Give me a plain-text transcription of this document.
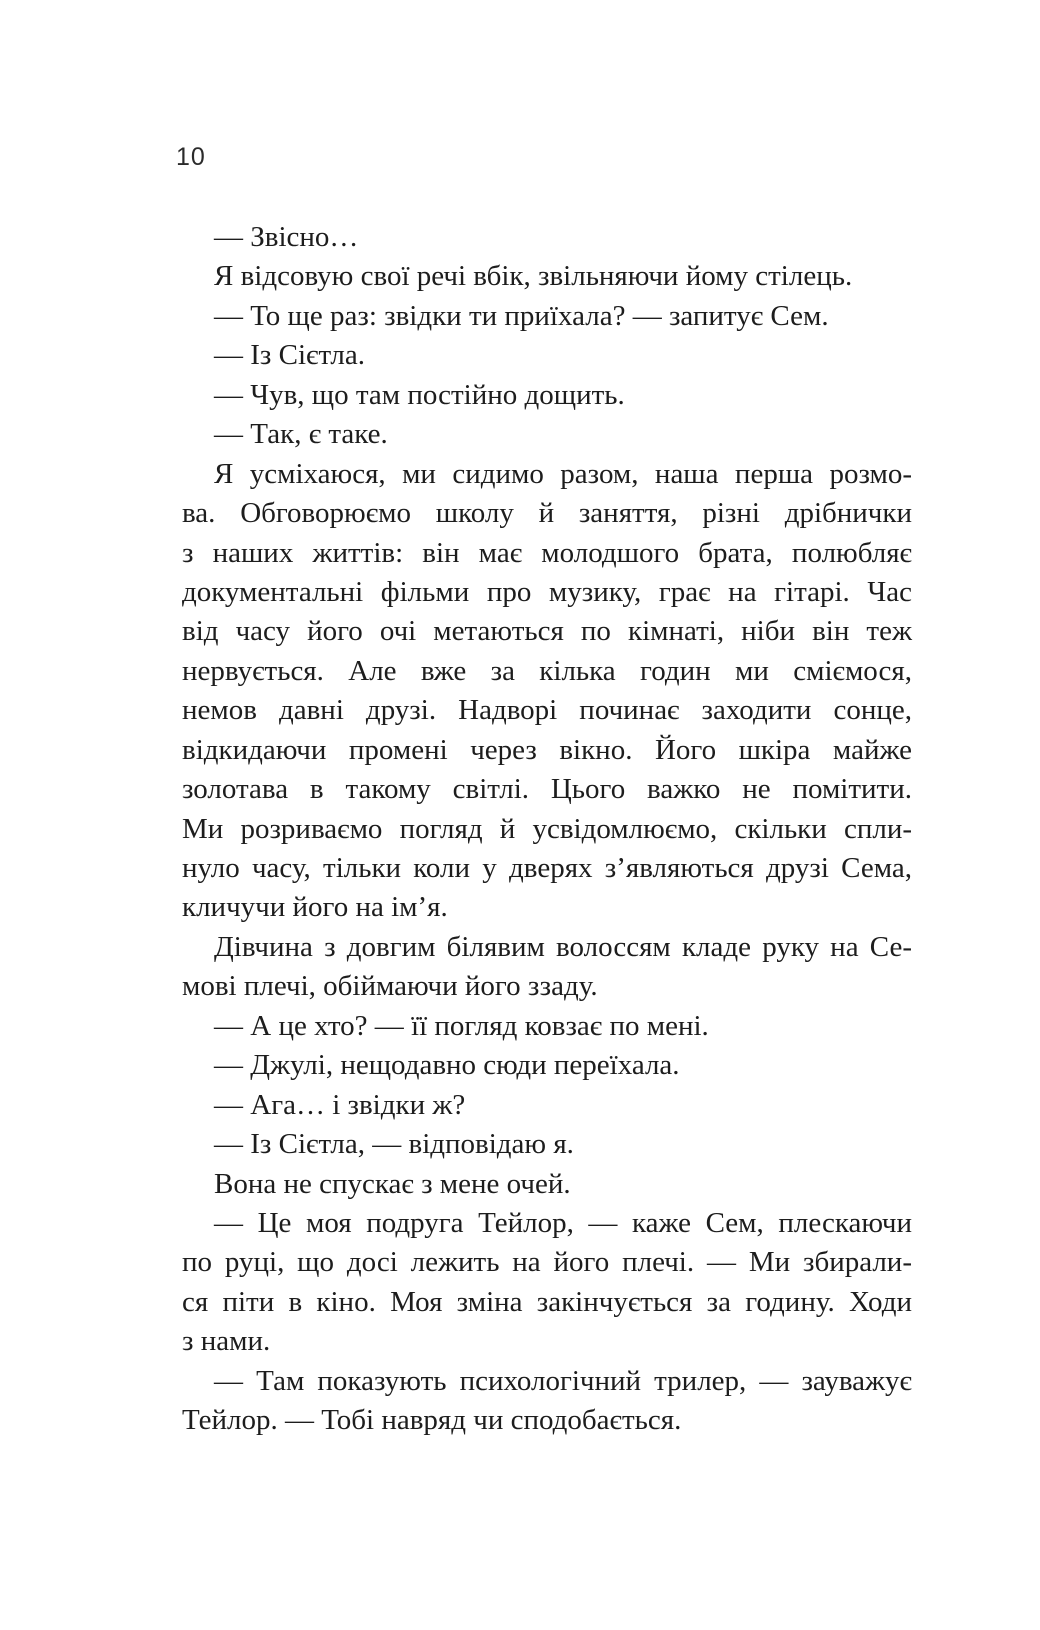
10
— Звісно…
Я відсовую свої речі вбік, звільняючи йому стілець.
— То ще раз: звідки ти приїхала? — запитує Сем.
— Із Сієтла.
— Чув, що там постійно дощить.
— Так, є таке.
Я усміхаюся, ми сидимо разом, наша перша розмо-
ва. Обговорюємо школу й заняття, різні дрібнички
з наших життів: він має молодшого брата, полюбляє
документальні фільми про музику, грає на гітарі. Час
від часу його очі метаються по кімнаті, ніби він теж
нервується. Але вже за кілька годин ми сміємося,
немов давні друзі. Надворі починає заходити сонце,
відкидаючи промені через вікно. Його шкіра майже
золотава в такому світлі. Цього важко не помітити.
Ми розриваємо погляд й усвідомлюємо, скільки спли-
нуло часу, тільки коли у дверях з’являються друзі Сема,
кличучи його на ім’я.
Дівчина з довгим білявим волоссям кладе руку на Се-
мові плечі, обіймаючи його ззаду.
— А це хто? — її погляд ковзає по мені.
— Джулі, нещодавно сюди переїхала.
— Ага… і звідки ж?
— Із Сієтла, — відповідаю я.
Вона не спускає з мене очей.
— Це моя подруга Тейлор, — каже Сем, плескаючи
по руці, що досі лежить на його плечі. — Ми збирали-
ся піти в кіно. Моя зміна закінчується за годину. Ходи
з нами.
— Там показують психологічний трилер, — зауважує
Тейлор. — Тобі навряд чи сподобається.
